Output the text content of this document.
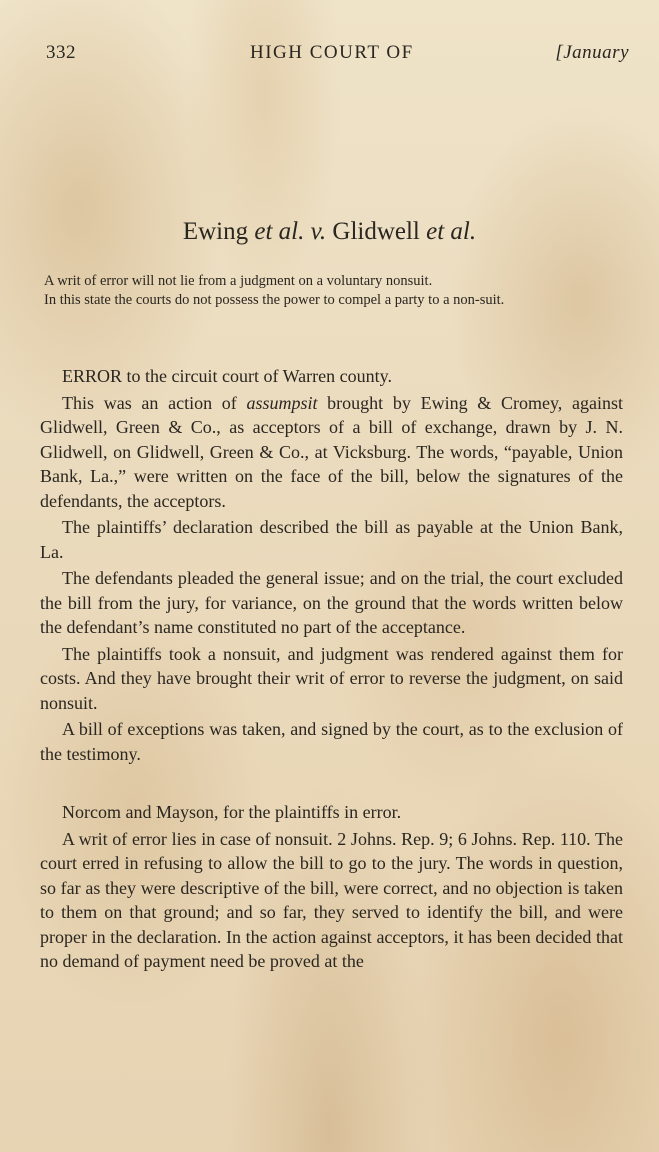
332	HIGH COURT OF	[January
Ewing et al. v. Glidwell et al.

A writ of error will not lie from a judgment on a voluntary nonsuit.

In this state the courts do not possess the power to compel a party to a non-suit.

ERROR to the circuit court of Warren county.

This was an action of assumpsit brought by Ewing & Cromey, against Glidwell, Green & Co., as acceptors of a bill of exchange, drawn by J. N. Glidwell, on Glidwell, Green & Co., at Vicksburg. The words, “payable, Union Bank, La.,” were written on the face of the bill, below the signatures of the defendants, the acceptors.

The plaintiffs’ declaration described the bill as payable at the Union Bank, La.

The defendants pleaded the general issue; and on the trial, the court excluded the bill from the jury, for variance, on the ground that the words written below the defendant’s name constituted no part of the acceptance.

The plaintiffs took a nonsuit, and judgment was rendered against them for costs. And they have brought their writ of error to reverse the judgment, on said nonsuit.

A bill of exceptions was taken, and signed by the court, as to the exclusion of the testimony.

Norcom and Mayson, for the plaintiffs in error.

A writ of error lies in case of nonsuit. 2 Johns. Rep. 9; 6 Johns. Rep. 110. The court erred in refusing to allow the bill to go to the jury. The words in question, so far as they were descriptive of the bill, were correct, and no objection is taken to them on that ground; and so far, they served to identify the bill, and were proper in the declaration. In the action against acceptors, it has been decided that no demand of payment need be proved at the
